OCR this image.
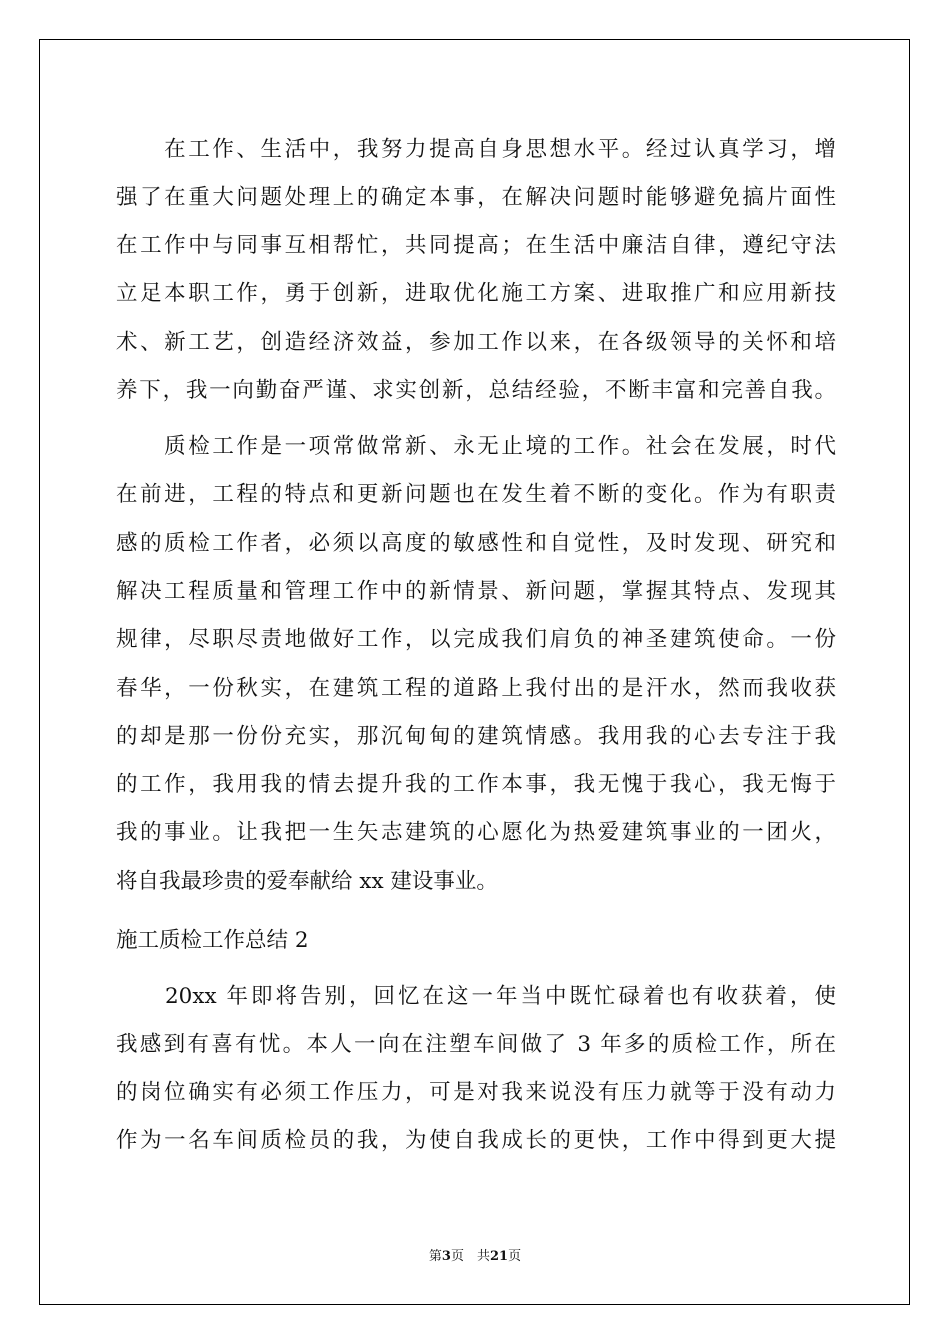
　　在工作、生活中，我努力提高自身思想水平。经过认真学习，增
强了在重大问题处理上的确定本事，在解决问题时能够避免搞片面性
在工作中与同事互相帮忙，共同提高；在生活中廉洁自律，遵纪守法
立足本职工作，勇于创新，进取优化施工方案、进取推广和应用新技
术、新工艺，创造经济效益，参加工作以来，在各级领导的关怀和培
养下，我一向勤奋严谨、求实创新，总结经验，不断丰富和完善自我。
　　质检工作是一项常做常新、永无止境的工作。社会在发展，时代
在前进，工程的特点和更新问题也在发生着不断的变化。作为有职责
感的质检工作者，必须以高度的敏感性和自觉性，及时发现、研究和
解决工程质量和管理工作中的新情景、新问题，掌握其特点、发现其
规律，尽职尽责地做好工作，以完成我们肩负的神圣建筑使命。一份
春华，一份秋实，在建筑工程的道路上我付出的是汗水，然而我收获
的却是那一份份充实，那沉甸甸的建筑情感。我用我的心去专注于我
的工作，我用我的情去提升我的工作本事，我无愧于我心，我无悔于
我的事业。让我把一生矢志建筑的心愿化为热爱建筑事业的一团火，
将自我最珍贵的爱奉献给 xx 建设事业。
施工质检工作总结 2
　　20xx 年即将告别，回忆在这一年当中既忙碌着也有收获着，使
我感到有喜有忧。本人一向在注塑车间做了 3 年多的质检工作，所在
的岗位确实有必须工作压力，可是对我来说没有压力就等于没有动力
作为一名车间质检员的我，为使自我成长的更快，工作中得到更大提
第3页　共21页
